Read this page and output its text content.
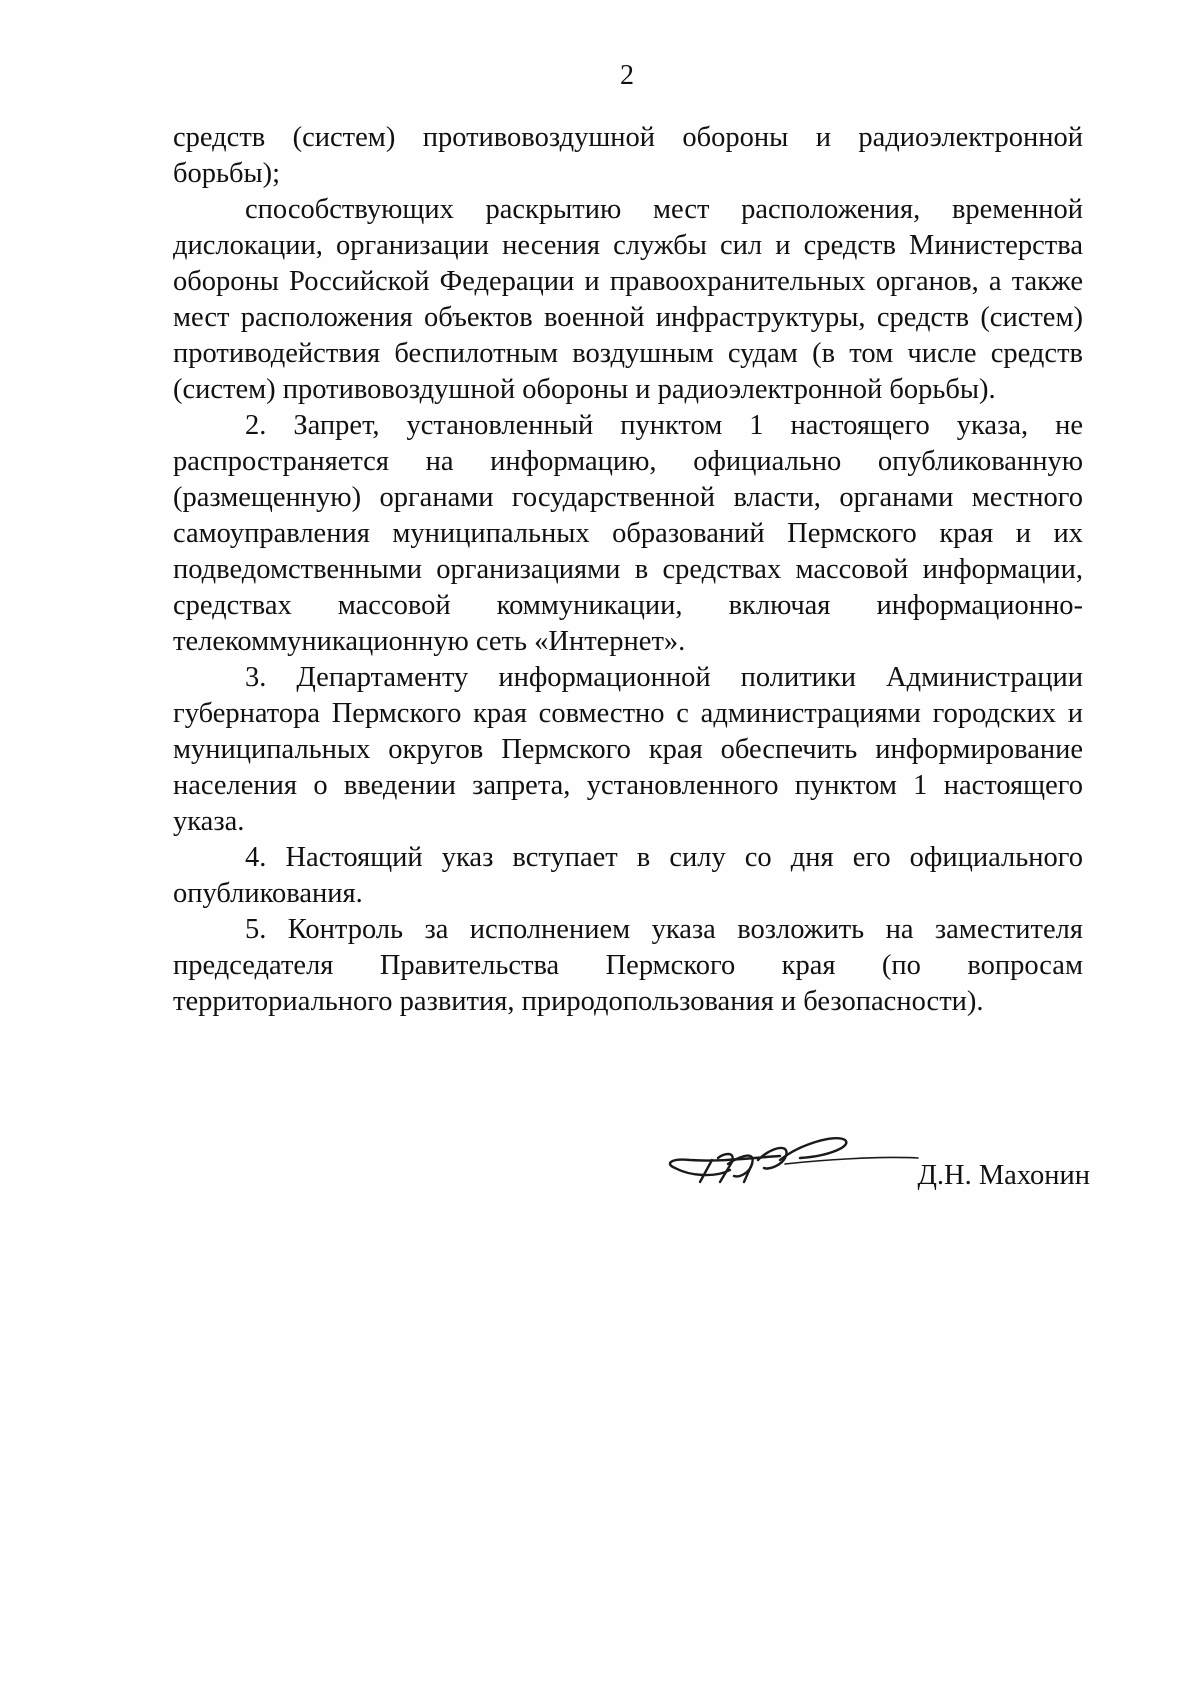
2

средств (систем) противовоздушной обороны и радиоэлектронной борьбы);

способствующих раскрытию мест расположения, временной дислокации, организации несения службы сил и средств Министерства обороны Российской Федерации и правоохранительных органов, а также мест расположения объектов военной инфраструктуры, средств (систем) противодействия беспилотным воздушным судам (в том числе средств (систем) противовоздушной обороны и радиоэлектронной борьбы).

2. Запрет, установленный пунктом 1 настоящего указа, не распространяется на информацию, официально опубликованную (размещенную) органами государственной власти, органами местного самоуправления муниципальных образований Пермского края и их подведомственными организациями в средствах массовой информации, средствах массовой коммуникации, включая информационно-телекоммуникационную сеть «Интернет».

3. Департаменту информационной политики Администрации губернатора Пермского края совместно с администрациями городских и муниципальных округов Пермского края обеспечить информирование населения о введении запрета, установленного пунктом 1 настоящего указа.

4. Настоящий указ вступает в силу со дня его официального опубликования.

5. Контроль за исполнением указа возложить на заместителя председателя Правительства Пермского края (по вопросам территориального развития, природопользования и безопасности).

Д.Н. Махонин
